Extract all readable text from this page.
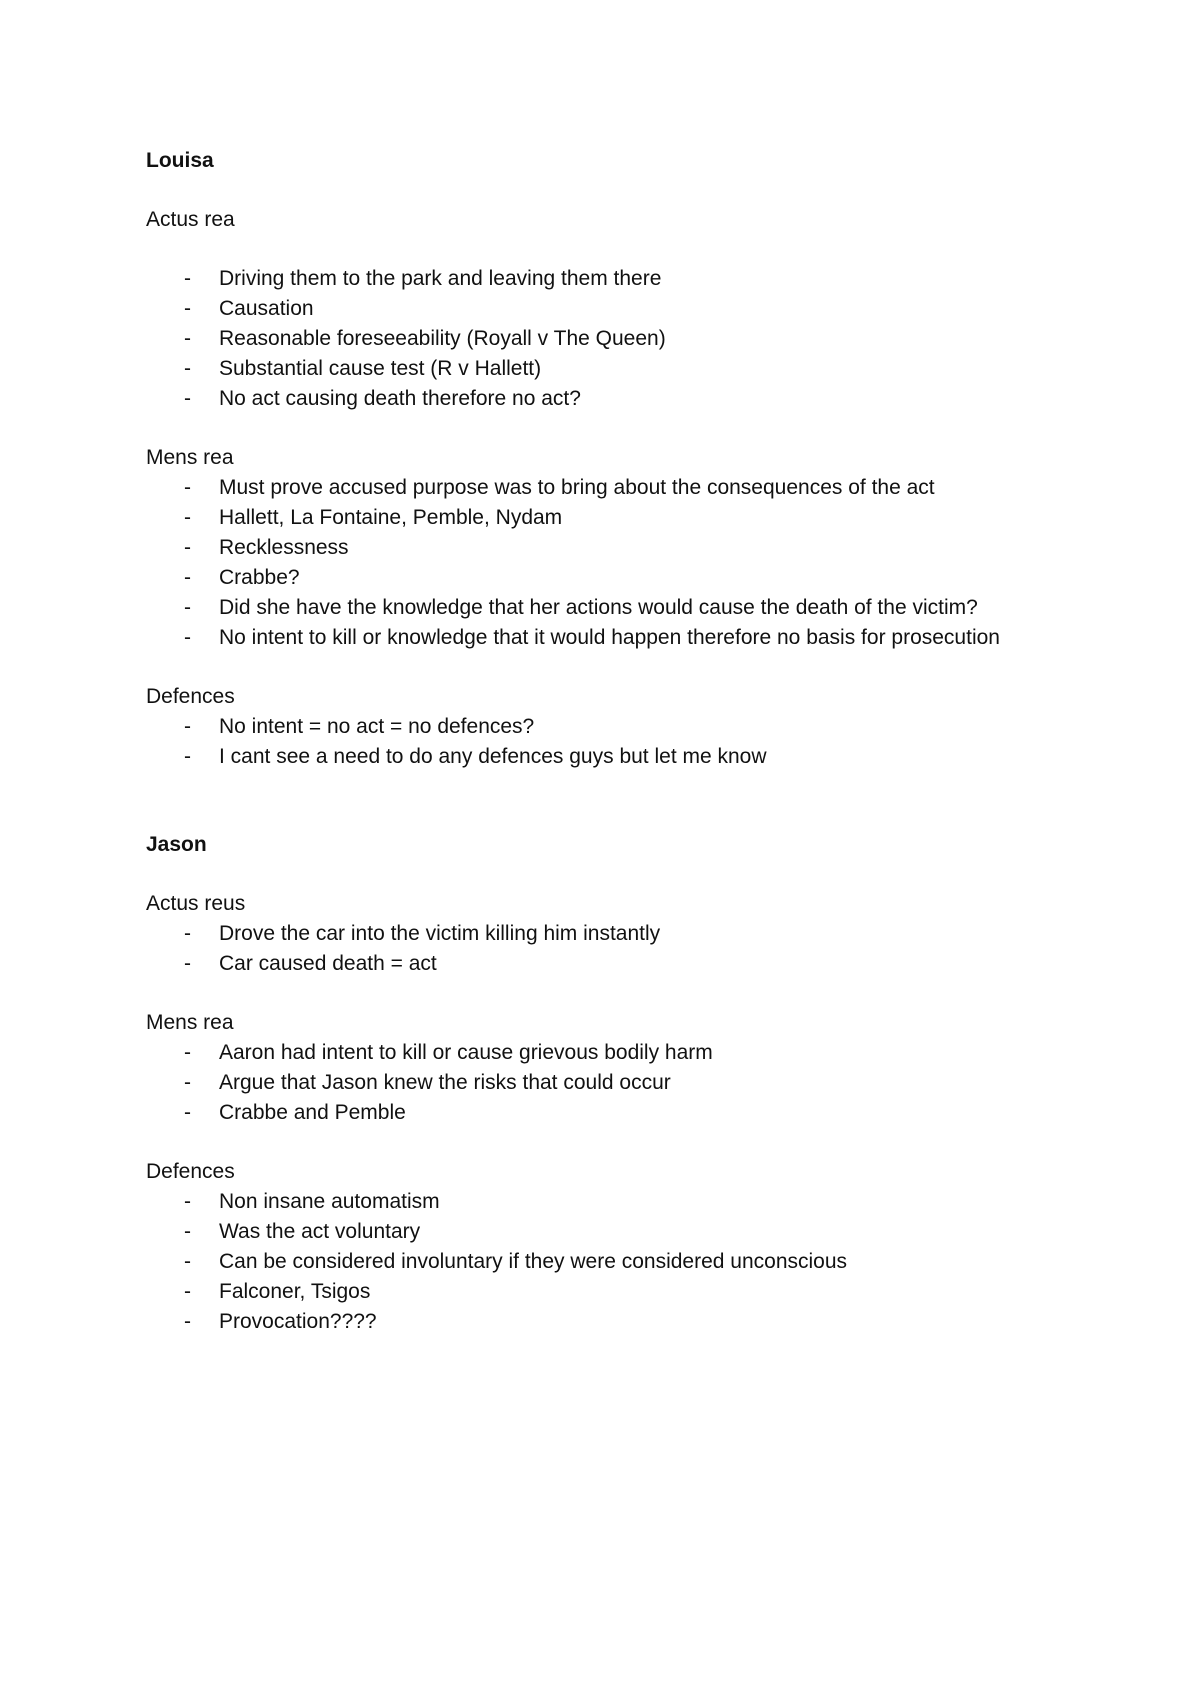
Louisa

Actus rea

- Driving them to the park and leaving them there
- Causation
- Reasonable foreseeability (Royall v The Queen)
- Substantial cause test (R v Hallett)
- No act causing death therefore no act?

Mens rea

- Must prove accused purpose was to bring about the consequences of the act
- Hallett, La Fontaine, Pemble, Nydam
- Recklessness
- Crabbe?
- Did she have the knowledge that her actions would cause the death of the victim?
- No intent to kill or knowledge that it would happen therefore no basis for prosecution

Defences

- No intent = no act = no defences?
- I cant see a need to do any defences guys but let me know

Jason

Actus reus

- Drove the car into the victim killing him instantly
- Car caused death = act

Mens rea

- Aaron had intent to kill or cause grievous bodily harm
- Argue that Jason knew the risks that could occur
- Crabbe and Pemble

Defences

- Non insane automatism
- Was the act voluntary
- Can be considered involuntary if they were considered unconscious
- Falconer, Tsigos
- Provocation????
